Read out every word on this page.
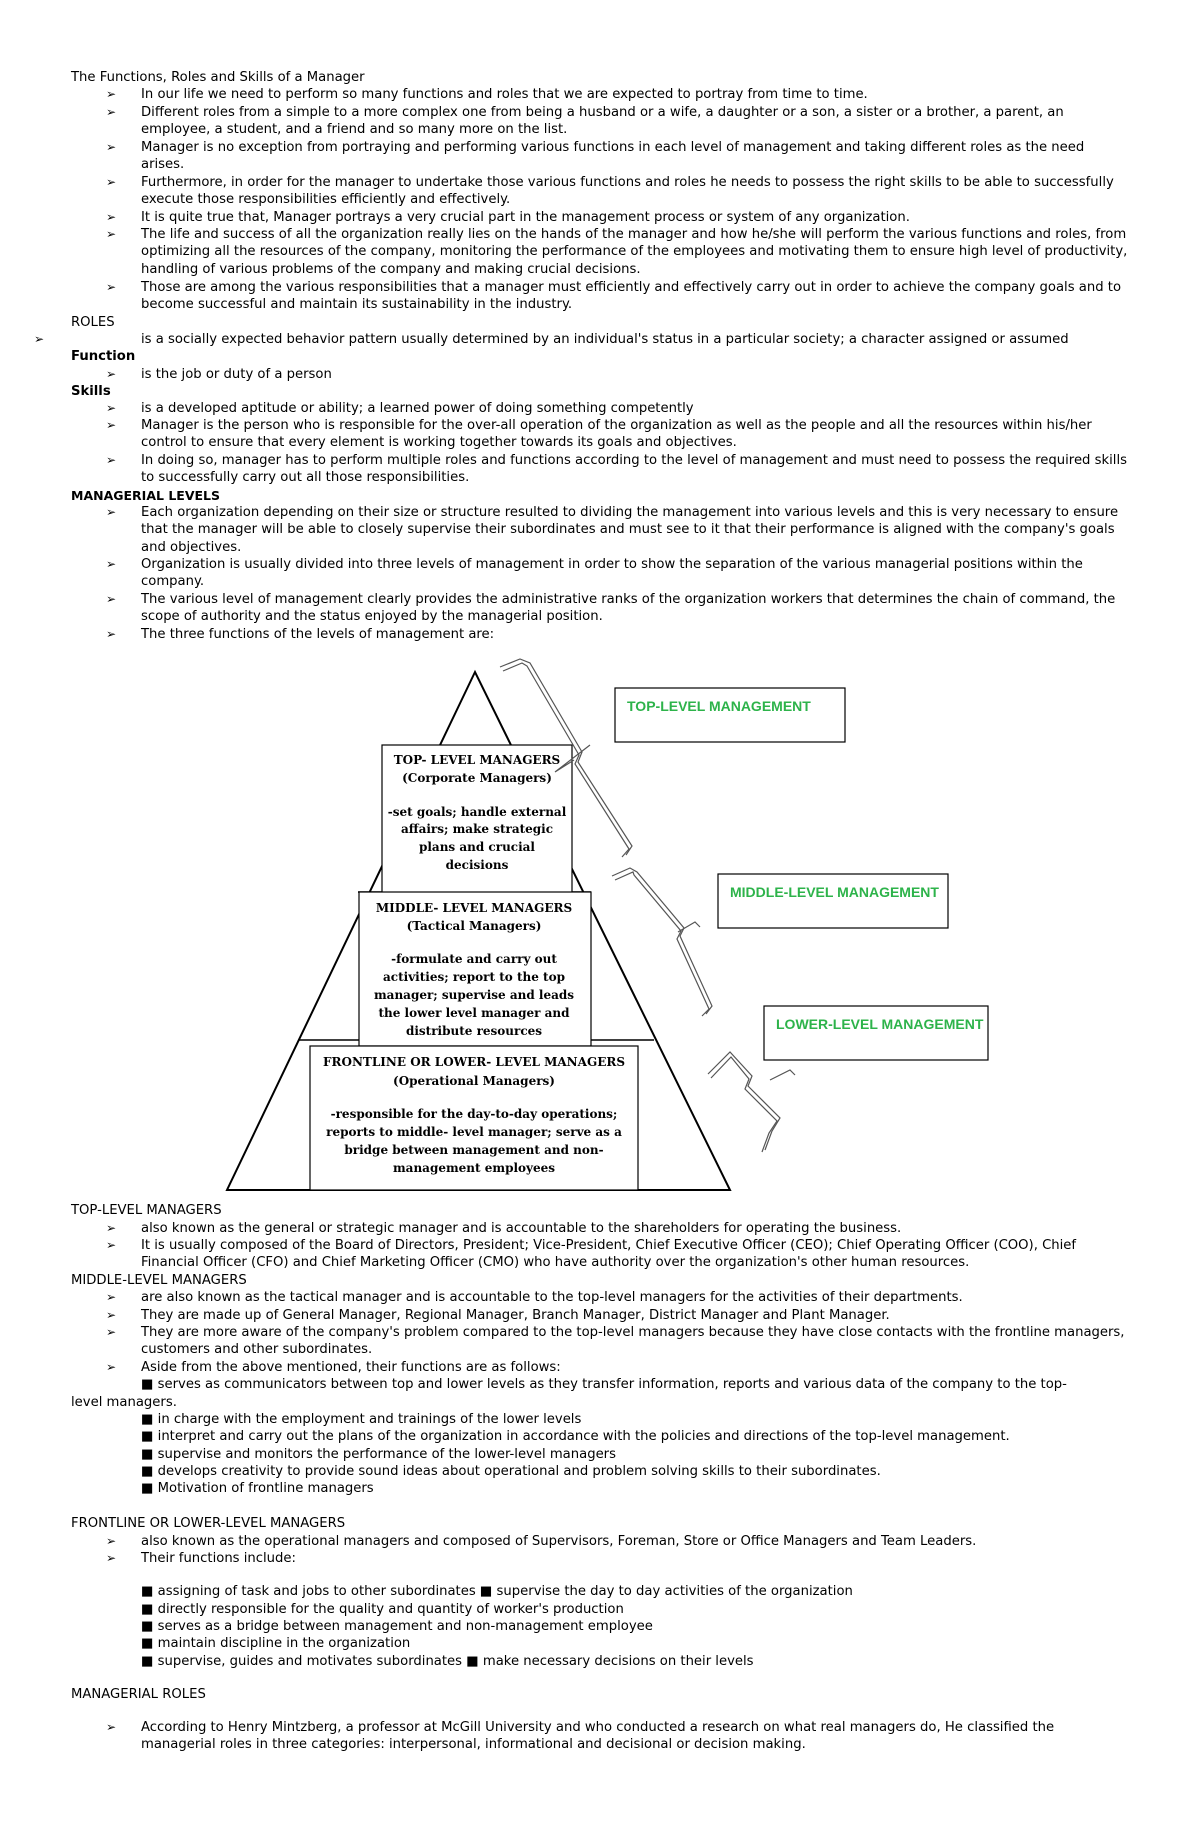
The Functions, Roles and Skills of a Manager
➢ In our life we need to perform so many functions and roles that we are expected to portray from time to time.
➢ Different roles from a simple to a more complex one from being a husband or a wife, a daughter or a son, a sister or a brother, a parent, an employee, a student, and a friend and so many more on the list.
➢ Manager is no exception from portraying and performing various functions in each level of management and taking different roles as the need arises.
➢ Furthermore, in order for the manager to undertake those various functions and roles he needs to possess the right skills to be able to successfully execute those responsibilities efficiently and effectively.
➢ It is quite true that, Manager portrays a very crucial part in the management process or system of any organization.
➢ The life and success of all the organization really lies on the hands of the manager and how he/she will perform the various functions and roles, from optimizing all the resources of the company, monitoring the performance of the employees and motivating them to ensure high level of productivity, handling of various problems of the company and making crucial decisions.
➢ Those are among the various responsibilities that a manager must efficiently and effectively carry out in order to achieve the company goals and to become successful and maintain its sustainability in the industry.
ROLES
➢	is a socially expected behavior pattern usually determined by an individual's status in a particular society; a character assigned or assumed
Function
➢ is the job or duty of a person
Skills
➢ is a developed aptitude or ability; a learned power of doing something competently
➢ Manager is the person who is responsible for the over-all operation of the organization as well as the people and all the resources within his/her control to ensure that every element is working together towards its goals and objectives.
➢ In doing so, manager has to perform multiple roles and functions according to the level of management and must need to possess the required skills to successfully carry out all those responsibilities.
MANAGERIAL LEVELS
➢ Each organization depending on their size or structure resulted to dividing the management into various levels and this is very necessary to ensure that the manager will be able to closely supervise their subordinates and must see to it that their performance is aligned with the company's goals and objectives.
➢ Organization is usually divided into three levels of management in order to show the separation of the various managerial positions within the company.
➢ The various level of management clearly provides the administrative ranks of the organization workers that determines the chain of command, the scope of authority and the status enjoyed by the managerial position.
➢ The three functions of the levels of management are:
TOP- LEVEL MANAGERS
(Corporate Managers)
-set goals; handle external
affairs; make strategic
plans and crucial
decisions
MIDDLE- LEVEL MANAGERS
(Tactical Managers)
-formulate and carry out
activities; report to the top
manager; supervise and leads
the lower level manager and
distribute resources
FRONTLINE OR LOWER- LEVEL MANAGERS
(Operational Managers)
-responsible for the day-to-day operations;
reports to middle- level manager; serve as a
bridge between management and non-
management employees
TOP-LEVEL MANAGEMENT
MIDDLE-LEVEL MANAGEMENT
LOWER-LEVEL MANAGEMENT
TOP-LEVEL MANAGERS
➢ also known as the general or strategic manager and is accountable to the shareholders for operating the business.
➢ It is usually composed of the Board of Directors, President; Vice-President, Chief Executive Officer (CEO); Chief Operating Officer (COO), Chief Financial Officer (CFO) and Chief Marketing Officer (CMO) who have authority over the organization's other human resources.
MIDDLE-LEVEL MANAGERS
➢ are also known as the tactical manager and is accountable to the top-level managers for the activities of their departments.
➢ They are made up of General Manager, Regional Manager, Branch Manager, District Manager and Plant Manager.
➢ They are more aware of the company's problem compared to the top-level managers because they have close contacts with the frontline managers, customers and other subordinates.
➢ Aside from the above mentioned, their functions are as follows:
■ serves as communicators between top and lower levels as they transfer information, reports and various data of the company to the top-
level managers.
■ in charge with the employment and trainings of the lower levels
■ interpret and carry out the plans of the organization in accordance with the policies and directions of the top-level management.
■ supervise and monitors the performance of the lower-level managers
■ develops creativity to provide sound ideas about operational and problem solving skills to their subordinates.
■ Motivation of frontline managers
FRONTLINE OR LOWER-LEVEL MANAGERS
➢ also known as the operational managers and composed of Supervisors, Foreman, Store or Office Managers and Team Leaders.
➢ Their functions include:
■ assigning of task and jobs to other subordinates ■ supervise the day to day activities of the organization
■ directly responsible for the quality and quantity of worker's production
■ serves as a bridge between management and non-management employee
■ maintain discipline in the organization
■ supervise, guides and motivates subordinates ■ make necessary decisions on their levels
MANAGERIAL ROLES
➢ According to Henry Mintzberg, a professor at McGill University and who conducted a research on what real managers do, He classified the managerial roles in three categories: interpersonal, informational and decisional or decision making.
